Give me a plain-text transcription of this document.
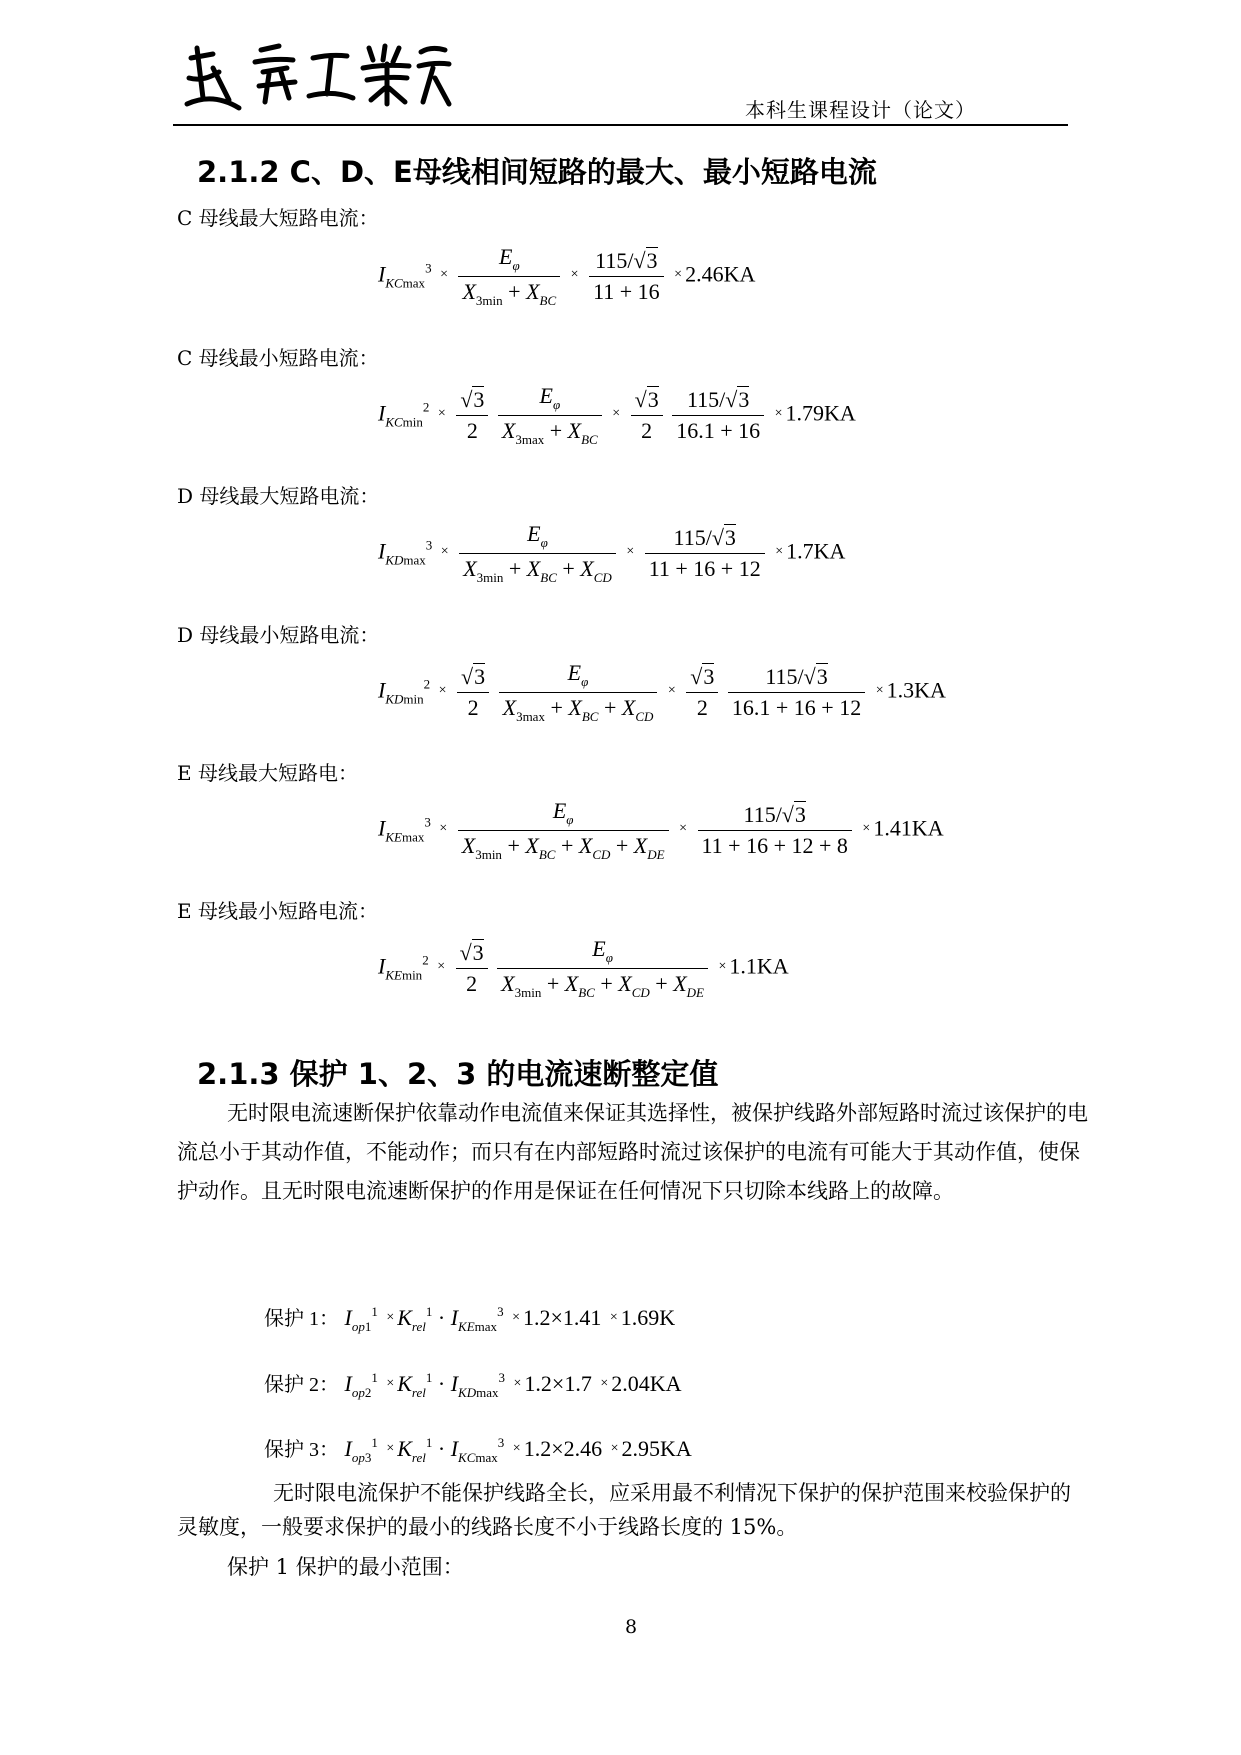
本科生课程设计（论文）
2.1.2 C、D、E母线相间短路的最大、最小短路电流
C 母线最大短路电流：
$I_{KCmax}^3 \times \frac{E_\varphi}{X_{3min} + X_{BC}} \times \frac{115/√3}{11 + 16} \times 2.46KA$
C 母线最小短路电流：
$I_{KCmin}^2 \times \frac{√3}{2}$
$\frac{E_\varphi}{X_{3max} + X_{BC}} \times \frac{√3}{2}$
$\frac{115/√3}{16.1 + 16} \times 1.79KA$
D 母线最大短路电流：
$I_{KDmax}^3 \times \frac{E_\varphi}{X_{3min} + X_{BC} + X_{CD}} \times \frac{115/√3}{11 + 16 + 12} \times 1.7KA$
D 母线最小短路电流：
$I_{KDmin}^2 \times \frac{√3}{2}$
$\frac{E_\varphi}{X_{3max} + X_{BC} + X_{CD}} \times \frac{√3}{2}$
$\frac{115/√3}{16.1 + 16 + 12} \times 1.3KA$
E 母线最大短路电：
$I_{KEmax}^3 \times \frac{E_\varphi}{X_{3min} + X_{BC} + X_{CD} + X_{DE}} \times \frac{115/√3}{11 + 16 + 12 + 8} \times 1.41KA$
E 母线最小短路电流：
$I_{KEmin}^2 \times \frac{√3}{2}$
$\frac{E_\varphi}{X_{3min} + X_{BC} + X_{CD} + X_{DE}} \times 1.1KA$
2.1.3 保护 1、2、3 的电流速断整定值
无时限电流速断保护依靠动作电流值来保证其选择性，被保护线路外部短路时流过该保护的电流总小于其动作值，不能动作；而只有在内部短路时流过该保护的电流有可能大于其动作值，使保护动作。且无时限电流速断保护的作用是保证在任何情况下只切除本线路上的故障。
保护 1： $I_{op1}^1 \times K_{rel}^1 \cdot I_{KEmax}^3 \times 1.2\times 1.41 \times 1.69K$
保护 2： $I_{op2}^1 \times K_{rel}^1 \cdot I_{KDmax}^3 \times 1.2\times 1.7 \times 2.04KA$
保护 3： $I_{op3}^1 \times K_{rel}^1 \cdot I_{KCmax}^3 \times 1.2\times 2.46 \times 2.95KA$
无时限电流保护不能保护线路全长，应采用最不利情况下保护的保护范围来校验保护的灵敏度，一般要求保护的最小的线路长度不小于线路长度的 15%。
保护 1 保护的最小范围：
8
